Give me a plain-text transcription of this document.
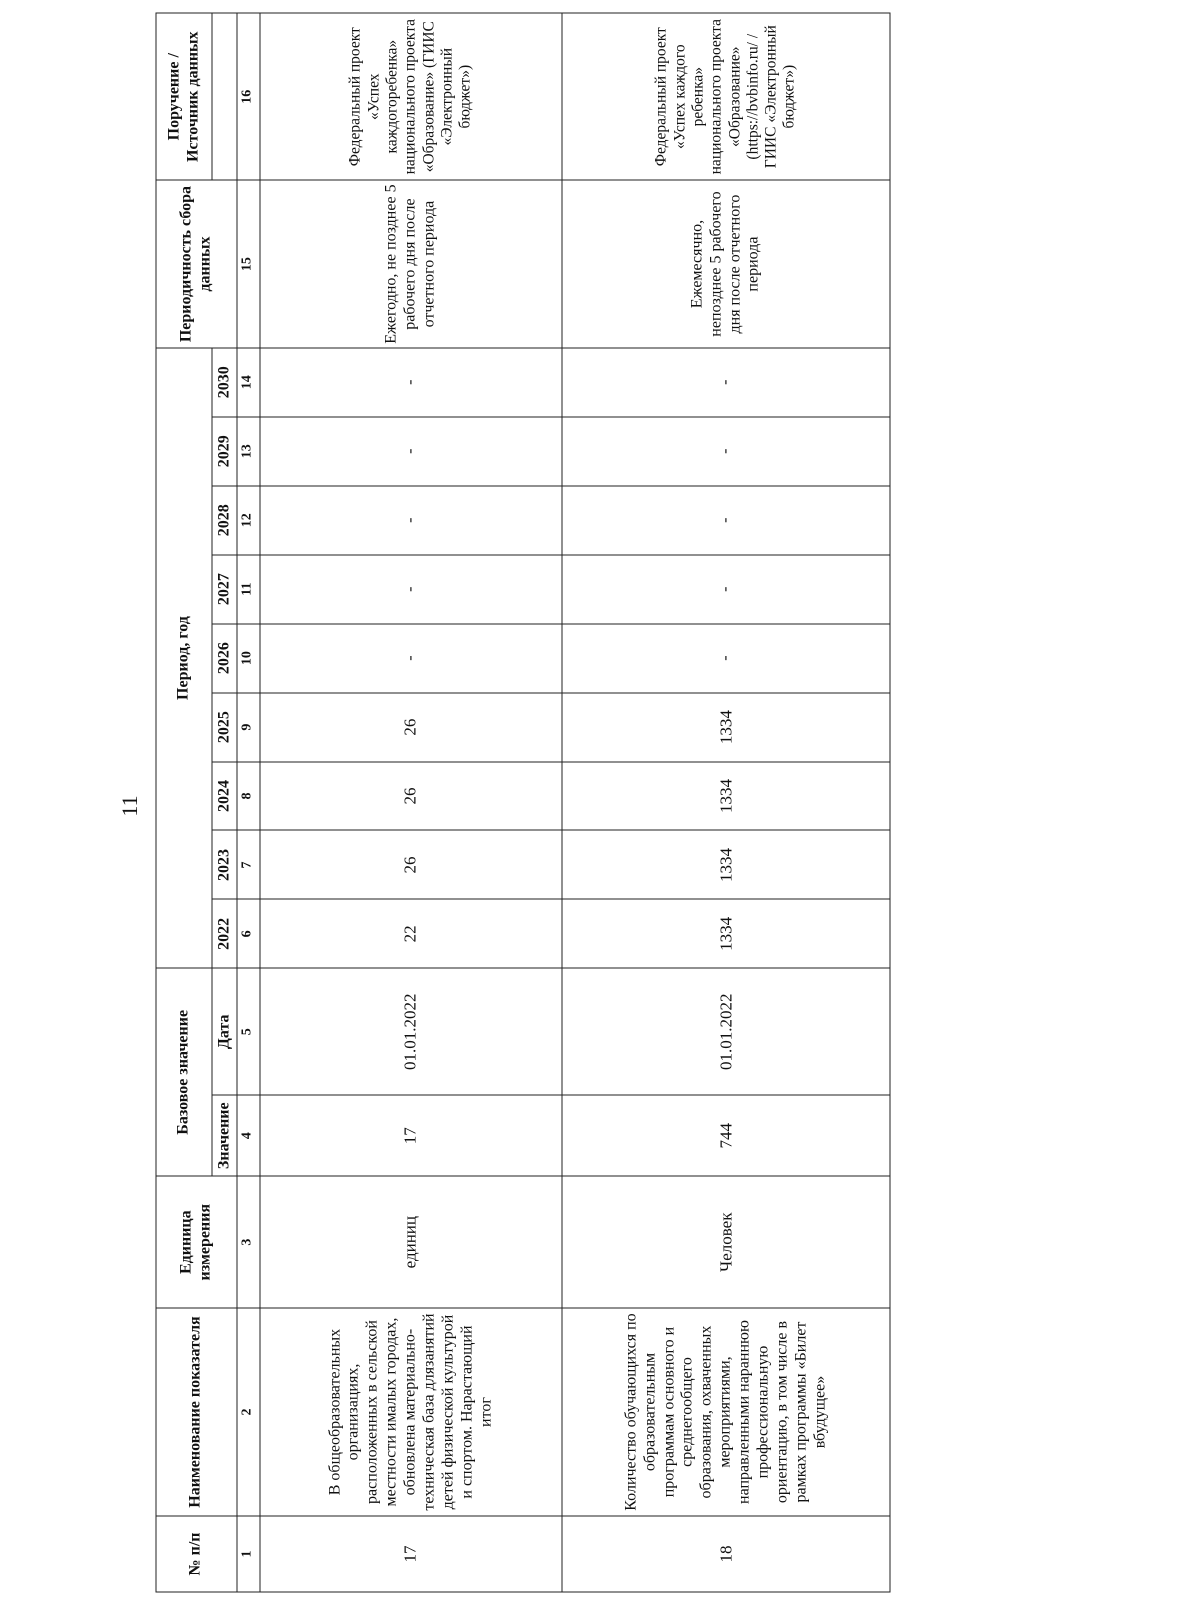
11
№ п/п	Наименование показателя	Единица измерения	Базовое значение		Период, год									Периодичность сбора данных	Поручение / Источник данных
			Значение	Дата	2022	2023	2024	2025	2026	2027	2028	2029	2030		
1	2	3	4	5	6	7	8	9	10	11	12	13	14	15	16
17	В общеобразовательных организациях, расположенных в сельской местности ималых городах, обновлена материально-техническая база длязанятий детей физической культурой и спортом. Нарастающий итог	единиц	17	01.01.2022	22	26	26	26	-	-	-	-	-	Ежегодно, не позднее 5 рабочего дня после отчетного периода	Федеральный проект «Успех каждогоребенка» национального проекта «Образование» (ГИИС «Электронный бюджет»)
18	Количество обучающихся по образовательным программам основного и среднегообщего образования, охваченных мероприятиями, направленными нараннюю профессиональную ориентацию, в том числе в рамках программы «Билет вбудущее»	Человек	744	01.01.2022	1334	1334	1334	1334	-	-	-	-	-	Ежемесячно, непозднее 5 рабочего дня после отчетного периода	Федеральный проект «Успех каждого ребенка» национального проекта «Образование» (https://bvbinfo.ru/ / ГИИС «Электронный бюджет»)
